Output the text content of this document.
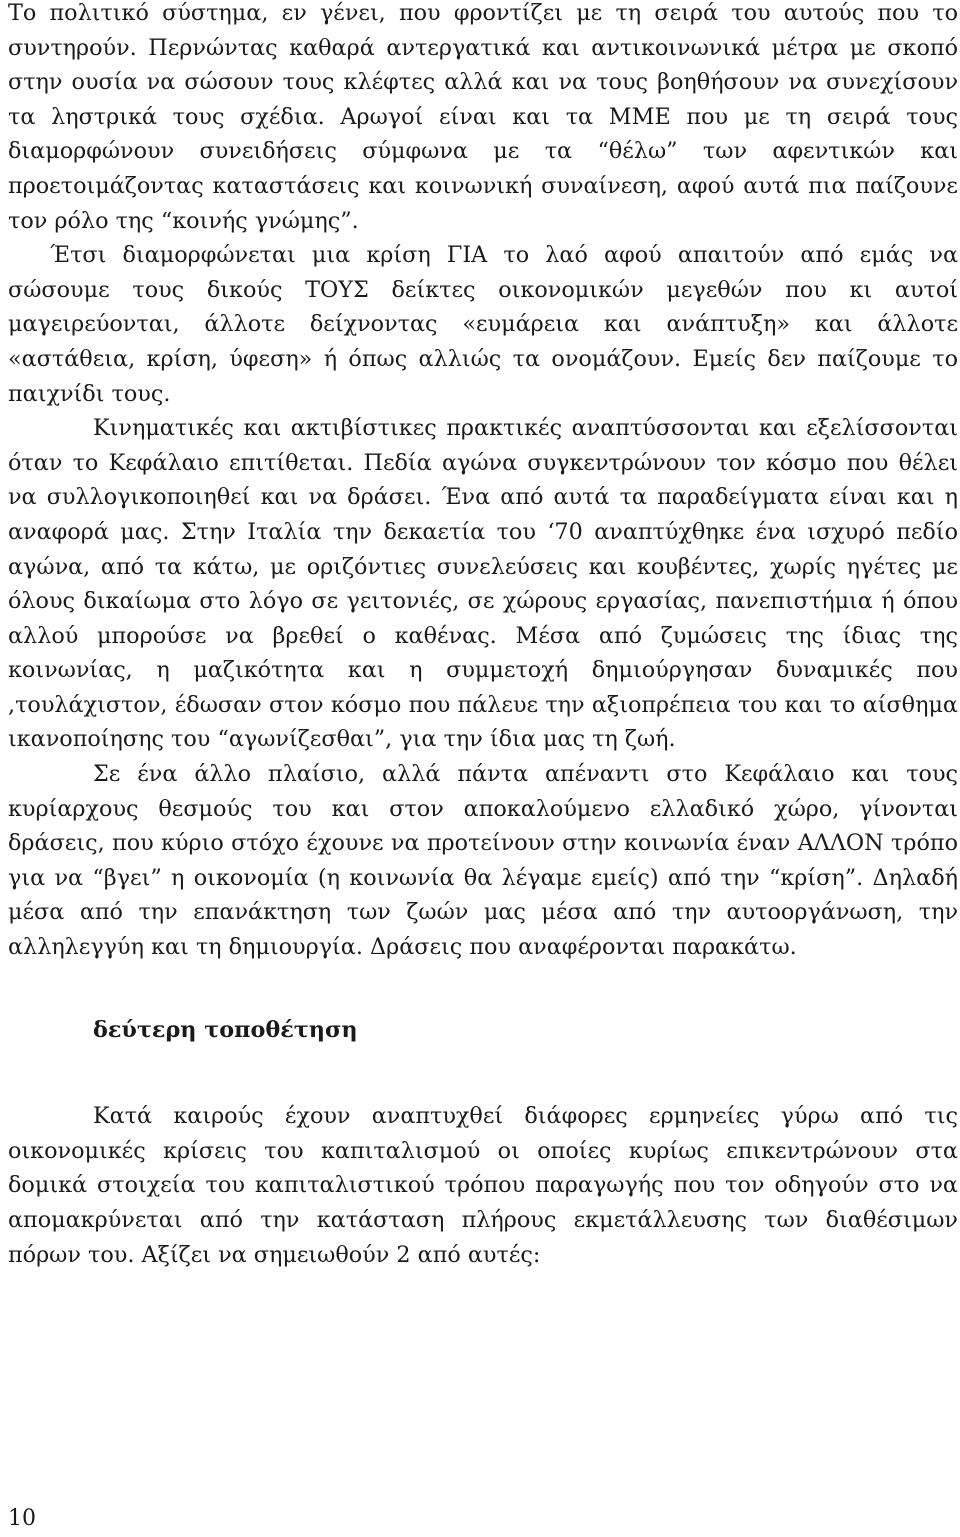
Το πολιτικό σύστημα, εν γένει, που φροντίζει με τη σειρά του αυτούς που το συντηρούν. Περνώντας καθαρά αντεργατικά και αντικοινωνικά μέτρα με σκοπό στην ουσία να σώσουν τους κλέφτες αλλά και να τους βοηθήσουν να συνεχίσουν τα ληστρικά τους σχέδια. Αρωγοί είναι και τα ΜΜΕ που με τη σειρά τους διαμορφώνουν συνειδήσεις σύμφωνα με τα “θέλω” των αφεντικών και προετοιμάζοντας καταστάσεις και κοινωνική συναίνεση, αφού αυτά πια παίζουνε τον ρόλο της “κοινής γνώμης”.

Έτσι διαμορφώνεται μια κρίση ΓΙΑ το λαό αφού απαιτούν από εμάς να σώσουμε τους δικούς ΤΟΥΣ δείκτες οικονομικών μεγεθών που κι αυτοί μαγειρεύονται, άλλοτε δείχνοντας «ευμάρεια και ανάπτυξη» και άλλοτε «αστάθεια, κρίση, ύφεση» ή όπως αλλιώς τα ονομάζουν. Εμείς δεν παίζουμε το παιχνίδι τους.

Κινηματικές και ακτιβίστικες πρακτικές αναπτύσσονται και εξελίσσονται όταν το Κεφάλαιο επιτίθεται. Πεδία αγώνα συγκεντρώνουν τον κόσμο που θέλει να συλλογικοποιηθεί και να δράσει. Ένα από αυτά τα παραδείγματα είναι και η αναφορά μας. Στην Ιταλία την δεκαετία του ‘70 αναπτύχθηκε ένα ισχυρό πεδίο αγώνα, από τα κάτω, με οριζόντιες συνελεύσεις και κουβέντες, χωρίς ηγέτες με όλους δικαίωμα στο λόγο σε γειτονιές, σε χώρους εργασίας, πανεπιστήμια ή όπου αλλού μπορούσε να βρεθεί ο καθένας. Μέσα από ζυμώσεις της ίδιας της κοινωνίας, η μαζικότητα και η συμμετοχή δημιούργησαν δυναμικές που ,τουλάχιστον, έδωσαν στον κόσμο που πάλευε την αξιοπρέπεια του και το αίσθημα ικανοποίησης του “αγωνίζεσθαι”, για την ίδια μας τη ζωή.

Σε ένα άλλο πλαίσιο, αλλά πάντα απέναντι στο Κεφάλαιο και τους κυρίαρχους θεσμούς του και στον αποκαλούμενο ελλαδικό χώρο, γίνονται δράσεις, που κύριο στόχο έχουνε να προτείνουν στην κοινωνία έναν ΑΛΛΟΝ τρόπο για να “βγει” η οικονομία (η κοινωνία θα λέγαμε εμείς) από την “κρίση”. Δηλαδή μέσα από την επανάκτηση των ζωών μας μέσα από την αυτοοργάνωση, την αλληλεγγύη και τη δημιουργία. Δράσεις που αναφέρονται παρακάτω.

δεύτερη τοποθέτηση

Κατά καιρούς έχουν αναπτυχθεί διάφορες ερμηνείες γύρω από τις οικονομικές κρίσεις του καπιταλισμού οι οποίες κυρίως επικεντρώνουν στα δομικά στοιχεία του καπιταλιστικού τρόπου παραγωγής που τον οδηγούν στο να απομακρύνεται από την κατάσταση πλήρους εκμετάλλευσης των διαθέσιμων πόρων του. Αξίζει να σημειωθούν 2 από αυτές:

10
